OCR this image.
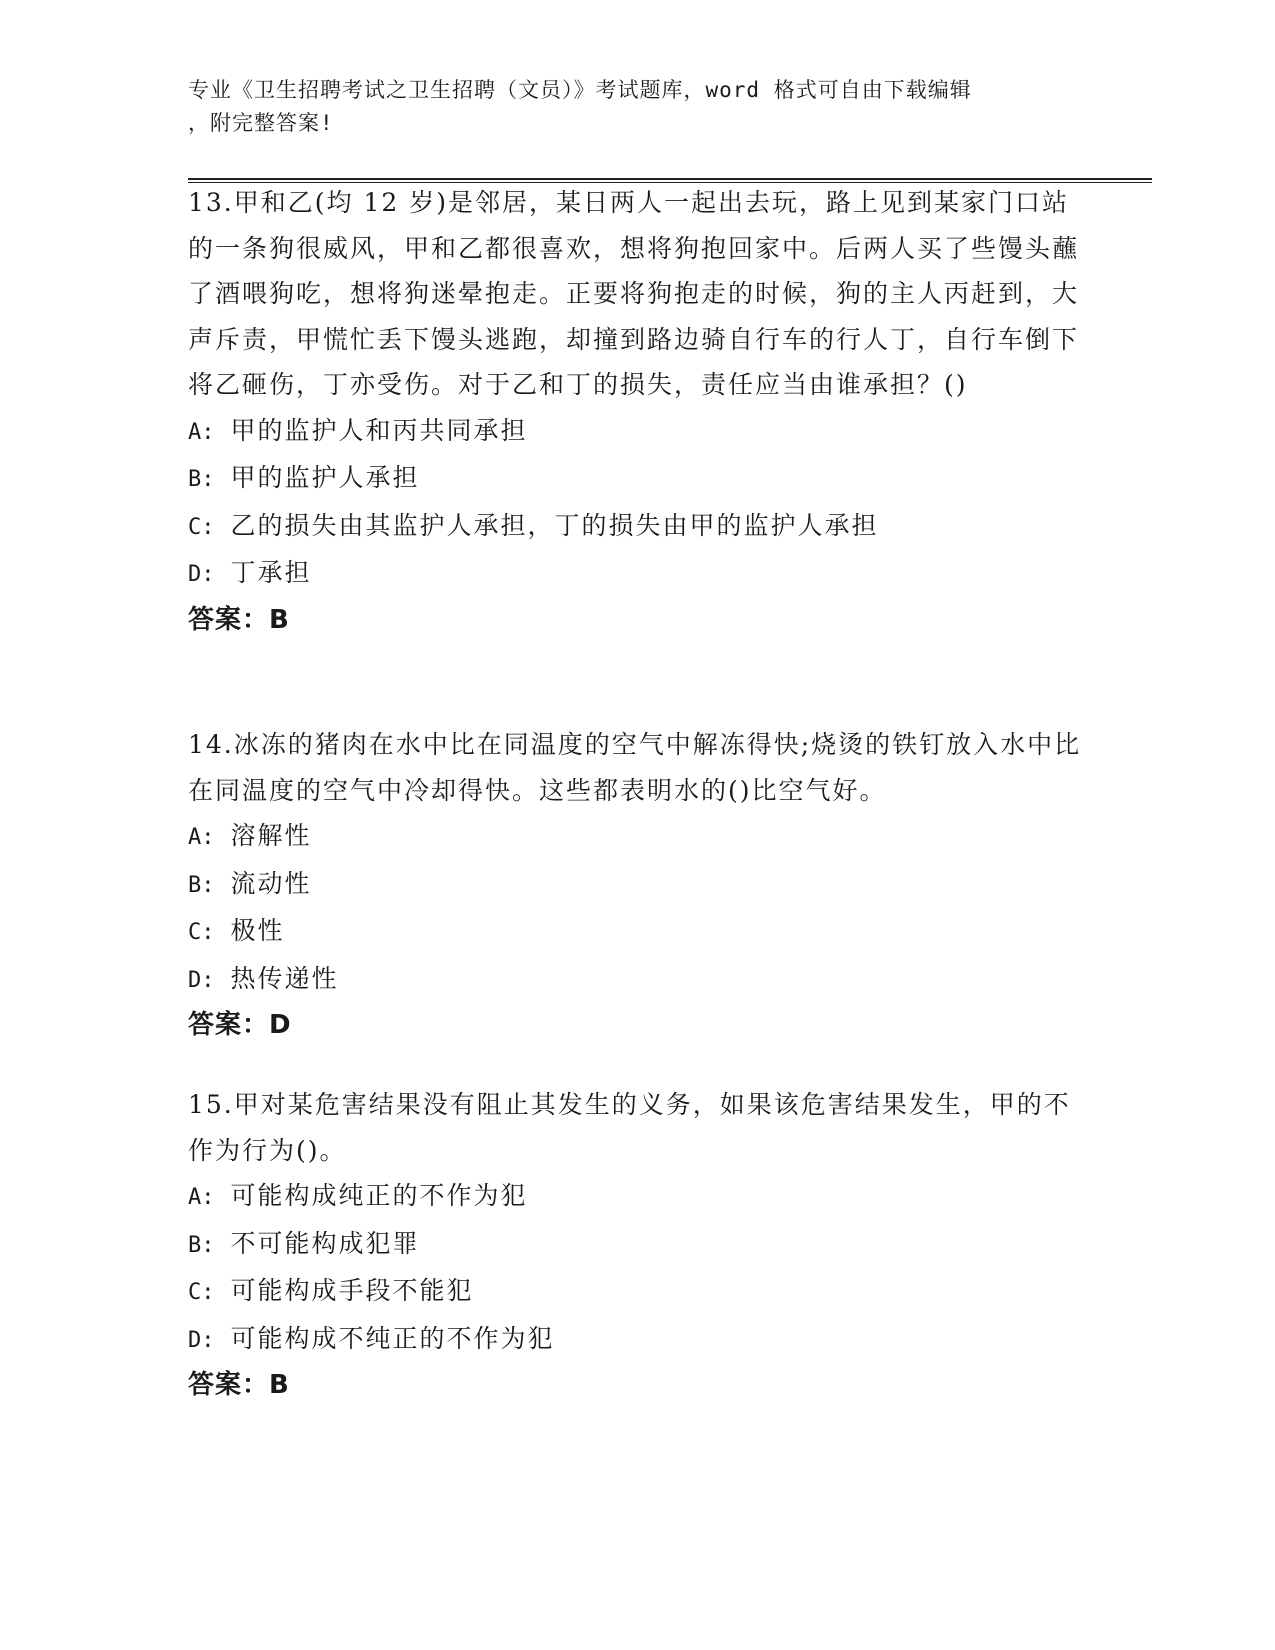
专业《卫生招聘考试之卫生招聘（文员）》考试题库，word 格式可自由下载编辑
，附完整答案!

13.甲和乙(均 12 岁)是邻居，某日两人一起出去玩，路上见到某家门口站的一条狗很威风，甲和乙都很喜欢，想将狗抱回家中。后两人买了些馒头蘸了酒喂狗吃，想将狗迷晕抱走。正要将狗抱走的时候，狗的主人丙赶到，大声斥责，甲慌忙丢下馒头逃跑，却撞到路边骑自行车的行人丁，自行车倒下将乙砸伤，丁亦受伤。对于乙和丁的损失，责任应当由谁承担？()

A: 甲的监护人和丙共同承担
B: 甲的监护人承担
C: 乙的损失由其监护人承担，丁的损失由甲的监护人承担
D: 丁承担
答案：B

14.冰冻的猪肉在水中比在同温度的空气中解冻得快;烧烫的铁钉放入水中比在同温度的空气中冷却得快。这些都表明水的()比空气好。

A: 溶解性
B: 流动性
C: 极性
D: 热传递性
答案：D

15.甲对某危害结果没有阻止其发生的义务，如果该危害结果发生，甲的不作为行为()。

A: 可能构成纯正的不作为犯
B: 不可能构成犯罪
C: 可能构成手段不能犯
D: 可能构成不纯正的不作为犯
答案：B
